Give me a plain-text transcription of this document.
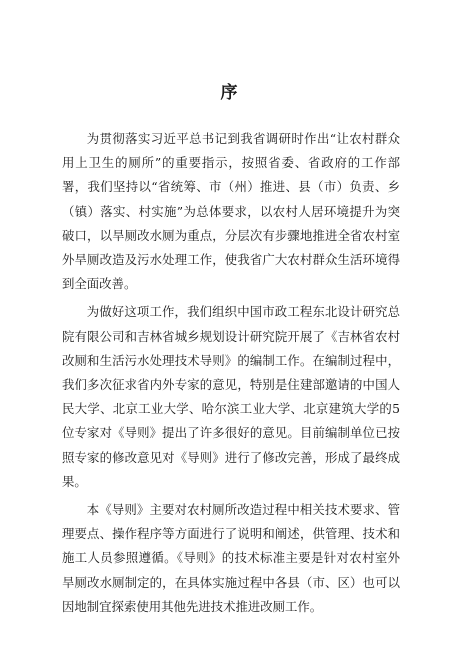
序

为贯彻落实习近平总书记到我省调研时作出“让农村群众用上卫生的厕所”的重要指示，按照省委、省政府的工作部署，我们坚持以“省统筹、市（州）推进、县（市）负责、乡（镇）落实、村实施”为总体要求，以农村人居环境提升为突破口，以旱厕改水厕为重点，分层次有步骤地推进全省农村室外旱厕改造及污水处理工作，使我省广大农村群众生活环境得到全面改善。

为做好这项工作，我们组织中国市政工程东北设计研究总院有限公司和吉林省城乡规划设计研究院开展了《吉林省农村改厕和生活污水处理技术导则》的编制工作。在编制过程中，我们多次征求省内外专家的意见，特别是住建部邀请的中国人民大学、北京工业大学、哈尔滨工业大学、北京建筑大学的5位专家对《导则》提出了许多很好的意见。目前编制单位已按照专家的修改意见对《导则》进行了修改完善，形成了最终成果。

本《导则》主要对农村厕所改造过程中相关技术要求、管理要点、操作程序等方面进行了说明和阐述，供管理、技术和施工人员参照遵循。《导则》的技术标准主要是针对农村室外旱厕改水厕制定的，在具体实施过程中各县（市、区）也可以因地制宜探索使用其他先进技术推进改厕工作。
